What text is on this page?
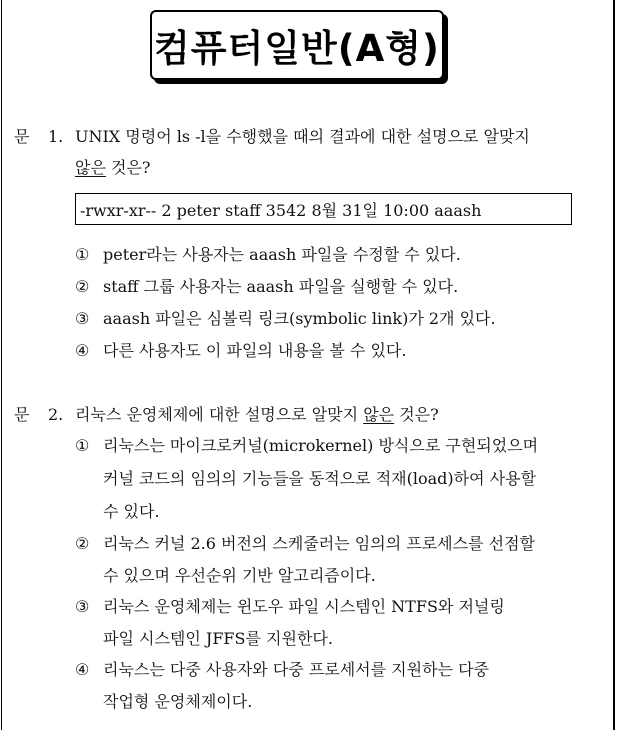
컴퓨터일반(A형)
문 1. UNIX 명령어 ls -l을 수행했을 때의 결과에 대한 설명으로 알맞지
않은 것은?
-rwxr-xr-- 2 peter staff 3542 8월 31일 10:00 aaash
① peter라는 사용자는 aaash 파일을 수정할 수 있다.
② staff 그룹 사용자는 aaash 파일을 실행할 수 있다.
③ aaash 파일은 심볼릭 링크(symbolic link)가 2개 있다.
④ 다른 사용자도 이 파일의 내용을 볼 수 있다.
문 2. 리눅스 운영체제에 대한 설명으로 알맞지 않은 것은?
① 리눅스는 마이크로커널(microkernel) 방식으로 구현되었으며
커널 코드의 임의의 기능들을 동적으로 적재(load)하여 사용할
수 있다.
② 리눅스 커널 2.6 버전의 스케줄러는 임의의 프로세스를 선점할
수 있으며 우선순위 기반 알고리즘이다.
③ 리눅스 운영체제는 윈도우 파일 시스템인 NTFS와 저널링
파일 시스템인 JFFS를 지원한다.
④ 리눅스는 다중 사용자와 다중 프로세서를 지원하는 다중
작업형 운영체제이다.
